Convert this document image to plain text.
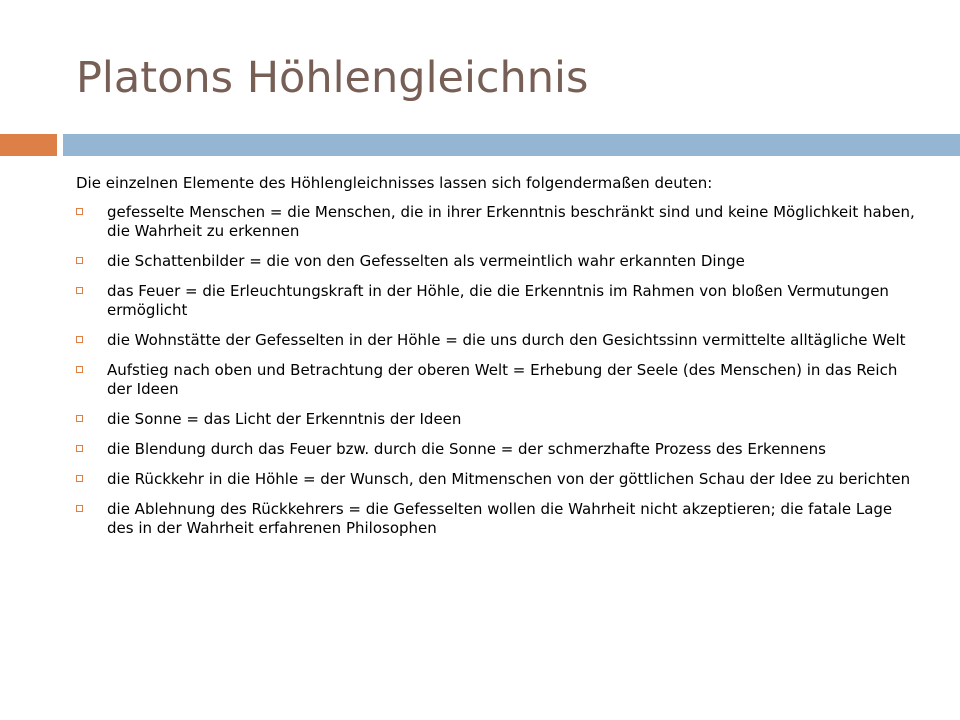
Platons Höhlengleichnis

Die einzelnen Elemente des Höhlengleichnisses lassen sich folgendermaßen deuten:

gefesselte Menschen = die Menschen, die in ihrer Erkenntnis beschränkt sind und keine Möglichkeit haben, die Wahrheit zu erkennen
die Schattenbilder = die von den Gefesselten als vermeintlich wahr erkannten Dinge
das Feuer = die Erleuchtungskraft in der Höhle, die die Erkenntnis im Rahmen von bloßen Vermutungen ermöglicht
die Wohnstätte der Gefesselten in der Höhle = die uns durch den Gesichtssinn vermittelte alltägliche Welt
Aufstieg nach oben und Betrachtung der oberen Welt = Erhebung der Seele (des Menschen) in das Reich der Ideen
die Sonne = das Licht der Erkenntnis der Ideen
die Blendung durch das Feuer bzw. durch die Sonne = der schmerzhafte Prozess des Erkennens
die Rückkehr in die Höhle = der Wunsch, den Mitmenschen von der göttlichen Schau der Idee zu berichten
die Ablehnung des Rückkehrers = die Gefesselten wollen die Wahrheit nicht akzeptieren; die fatale Lage des in der Wahrheit erfahrenen Philosophen
